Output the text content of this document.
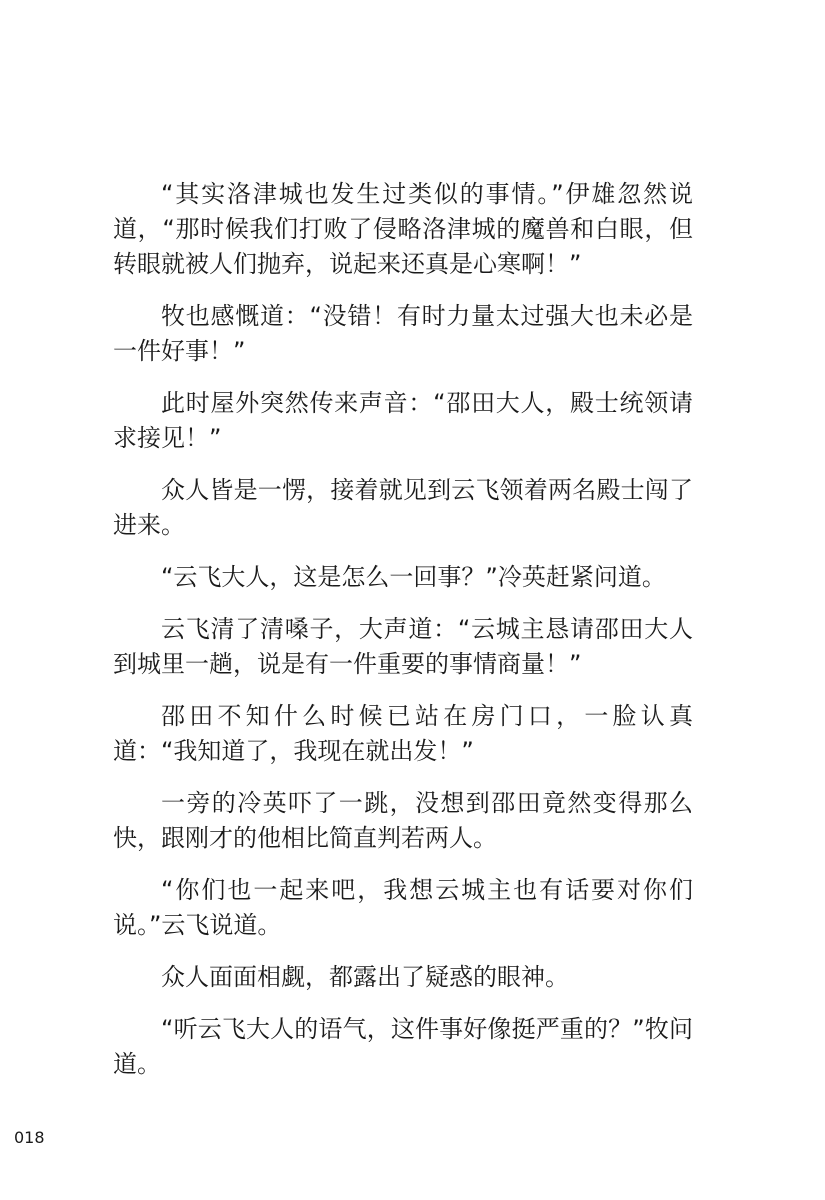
“其实洛津城也发生过类似的事情。”伊雄忽然说道，“那时候我们打败了侵略洛津城的魔兽和白眼，但转眼就被人们抛弃，说起来还真是心寒啊！”

牧也感慨道：“没错！有时力量太过强大也未必是一件好事！”

此时屋外突然传来声音：“邵田大人，殿士统领请求接见！”

众人皆是一愣，接着就见到云飞领着两名殿士闯了进来。

“云飞大人，这是怎么一回事？”冷英赶紧问道。

云飞清了清嗓子，大声道：“云城主恳请邵田大人到城里一趟，说是有一件重要的事情商量！”

邵田不知什么时候已站在房门口，一脸认真道：“我知道了，我现在就出发！”

一旁的冷英吓了一跳，没想到邵田竟然变得那么快，跟刚才的他相比简直判若两人。

“你们也一起来吧，我想云城主也有话要对你们说。”云飞说道。

众人面面相觑，都露出了疑惑的眼神。

“听云飞大人的语气，这件事好像挺严重的？”牧问道。

018
